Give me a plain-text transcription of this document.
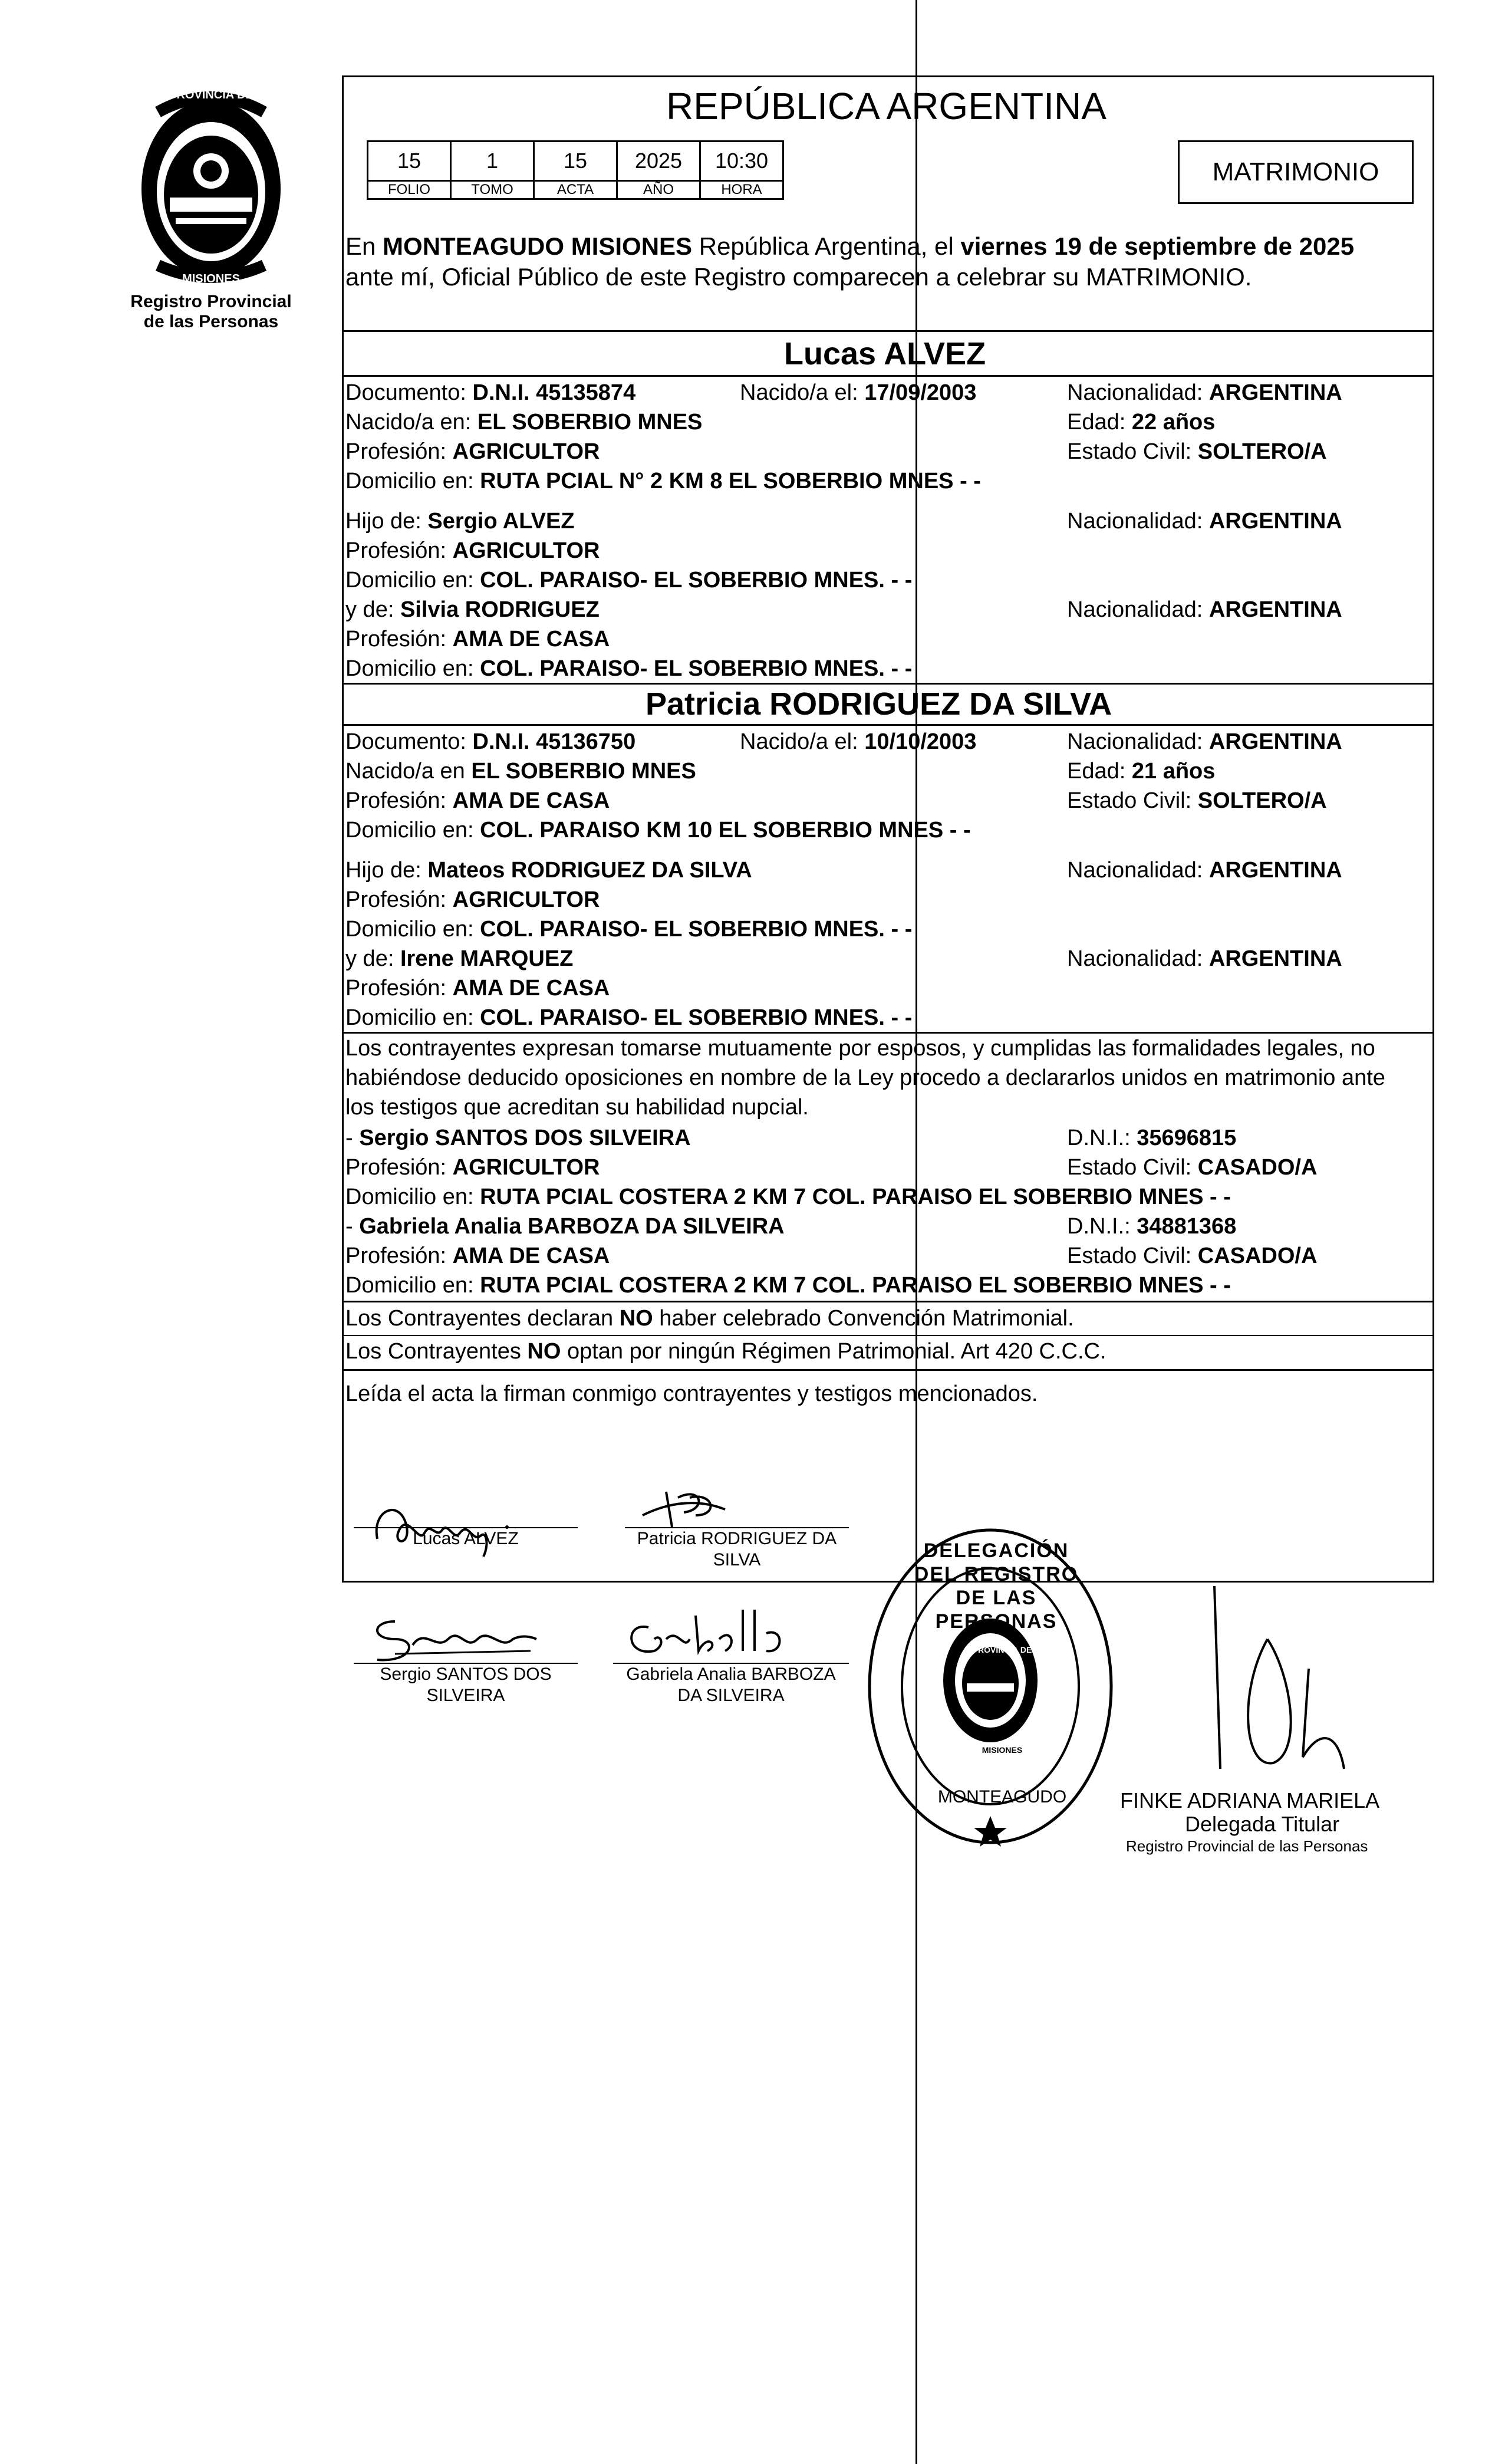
PROVINCIA DE
MISIONES
Registro Provincial
de las Personas
REPÚBLICA ARGENTINA
15	1	15	2025	10:30
FOLIO	TOMO	ACTA	AÑO	HORA
MATRIMONIO
En MONTEAGUDO MISIONES República Argentina, el viernes 19 de septiembre de 2025
ante mí, Oficial Público de este Registro comparecen a celebrar su MATRIMONIO.
Lucas ALVEZ
Documento: D.N.I. 45135874	Nacido/a el: 17/09/2003	Nacionalidad: ARGENTINA
Nacido/a en: EL SOBERBIO MNES	Edad: 22 años
Profesión: AGRICULTOR	Estado Civil: SOLTERO/A
Domicilio en: RUTA PCIAL N° 2 KM 8 EL SOBERBIO MNES - -
Hijo de: Sergio ALVEZ	Nacionalidad: ARGENTINA
Profesión: AGRICULTOR
Domicilio en: COL. PARAISO- EL SOBERBIO MNES. - -
y de: Silvia RODRIGUEZ	Nacionalidad: ARGENTINA
Profesión: AMA DE CASA
Domicilio en: COL. PARAISO- EL SOBERBIO MNES. - -
Patricia RODRIGUEZ DA SILVA
Documento: D.N.I. 45136750	Nacido/a el: 10/10/2003	Nacionalidad: ARGENTINA
Nacido/a en EL SOBERBIO MNES	Edad: 21 años
Profesión: AMA DE CASA	Estado Civil: SOLTERO/A
Domicilio en: COL. PARAISO KM 10 EL SOBERBIO MNES - -
Hijo de: Mateos RODRIGUEZ DA SILVA	Nacionalidad: ARGENTINA
Profesión: AGRICULTOR
Domicilio en: COL. PARAISO- EL SOBERBIO MNES. - -
y de: Irene MARQUEZ	Nacionalidad: ARGENTINA
Profesión: AMA DE CASA
Domicilio en: COL. PARAISO- EL SOBERBIO MNES. - -
Los contrayentes expresan tomarse mutuamente por esposos, y cumplidas las formalidades legales, no
habiéndose deducido oposiciones en nombre de la Ley procedo a declararlos unidos en matrimonio ante
los testigos que acreditan su habilidad nupcial.
- Sergio SANTOS DOS SILVEIRA	D.N.I.: 35696815
Profesión: AGRICULTOR	Estado Civil: CASADO/A
Domicilio en: RUTA PCIAL COSTERA 2 KM 7 COL. PARAISO EL SOBERBIO MNES - -
- Gabriela Analia BARBOZA DA SILVEIRA	D.N.I.: 34881368
Profesión: AMA DE CASA	Estado Civil: CASADO/A
Domicilio en: RUTA PCIAL COSTERA 2 KM 7 COL. PARAISO EL SOBERBIO MNES - -
Los Contrayentes declaran NO haber celebrado Convención Matrimonial.
Los Contrayentes NO optan por ningún Régimen Patrimonial. Art 420 C.C.C.
Leída el acta la firman conmigo contrayentes y testigos mencionados.
Lucas ALVEZ	Patricia RODRIGUEZ DA
SILVA
Sergio SANTOS DOS
SILVEIRA
Gabriela Analia BARBOZA
DA SILVEIRA
DELEGACIÓN DEL REGISTRO DE LAS PERSONAS
MONTEAGUDO
PROVINCIA DE
MISIONES
FINKE ADRIANA MARIELA
Delegada Titular
Registro Provincial de las Personas
